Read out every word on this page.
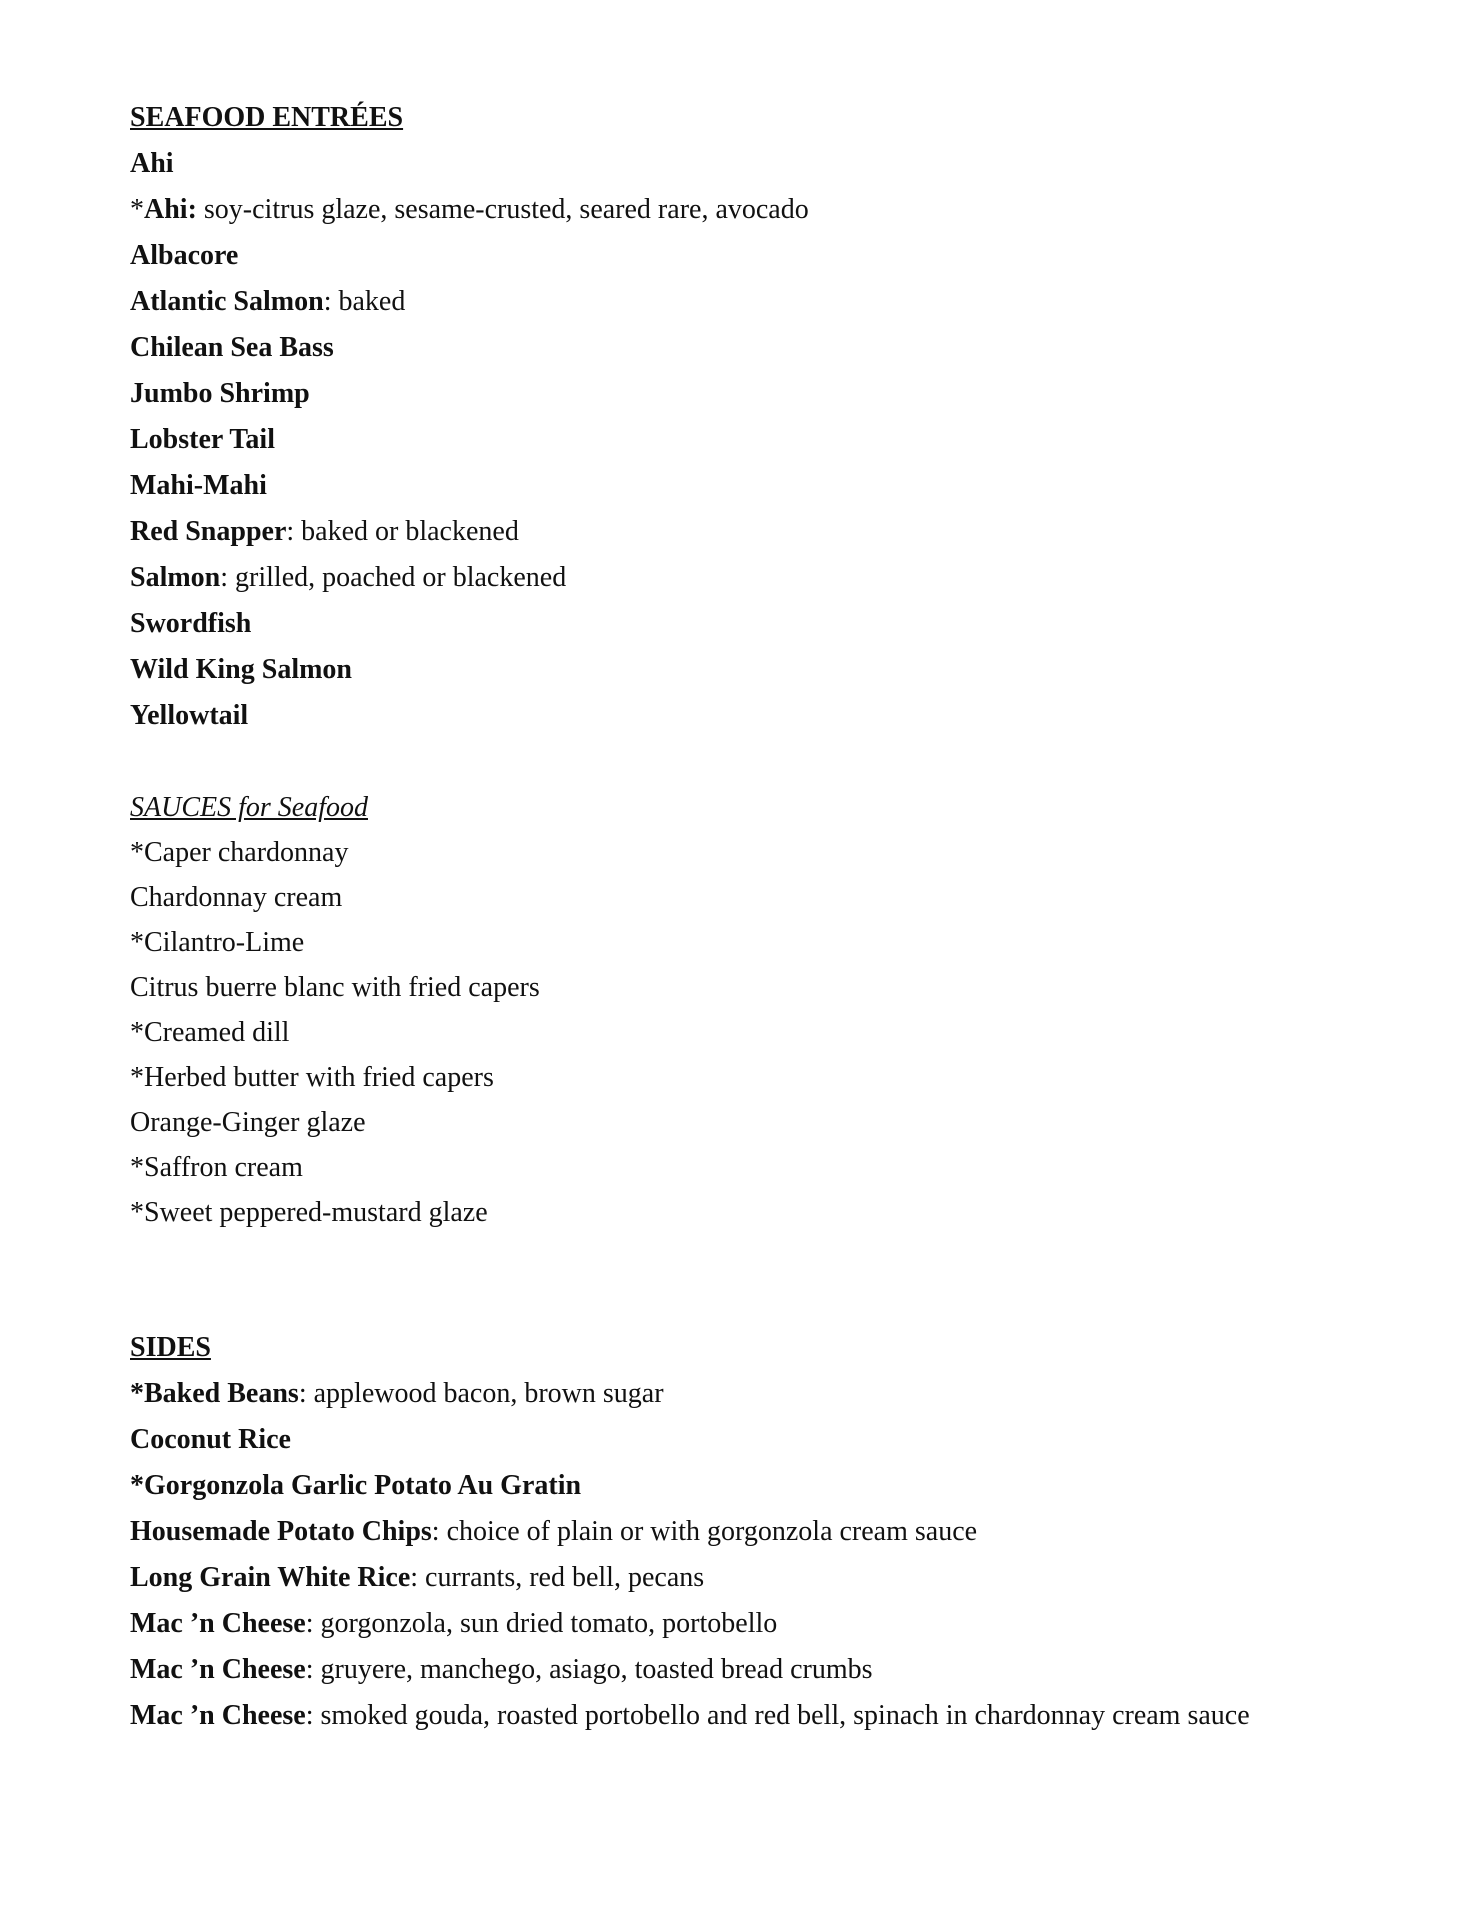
SEAFOOD ENTRÉES
Ahi
*Ahi: soy-citrus glaze, sesame-crusted, seared rare, avocado
Albacore
Atlantic Salmon: baked
Chilean Sea Bass
Jumbo Shrimp
Lobster Tail
Mahi-Mahi
Red Snapper: baked or blackened
Salmon: grilled, poached or blackened
Swordfish
Wild King Salmon
Yellowtail
SAUCES for Seafood
*Caper chardonnay
Chardonnay cream
*Cilantro-Lime
Citrus buerre blanc with fried capers
*Creamed dill
*Herbed butter with fried capers
Orange-Ginger glaze
*Saffron cream
*Sweet peppered-mustard glaze
SIDES
*Baked Beans: applewood bacon, brown sugar
Coconut Rice
*Gorgonzola Garlic Potato Au Gratin
Housemade Potato Chips: choice of plain or with gorgonzola cream sauce
Long Grain White Rice: currants, red bell, pecans
Mac ’n Cheese: gorgonzola, sun dried tomato, portobello
Mac ’n Cheese: gruyere, manchego, asiago, toasted bread crumbs
Mac ’n Cheese: smoked gouda, roasted portobello and red bell, spinach in chardonnay cream sauce
